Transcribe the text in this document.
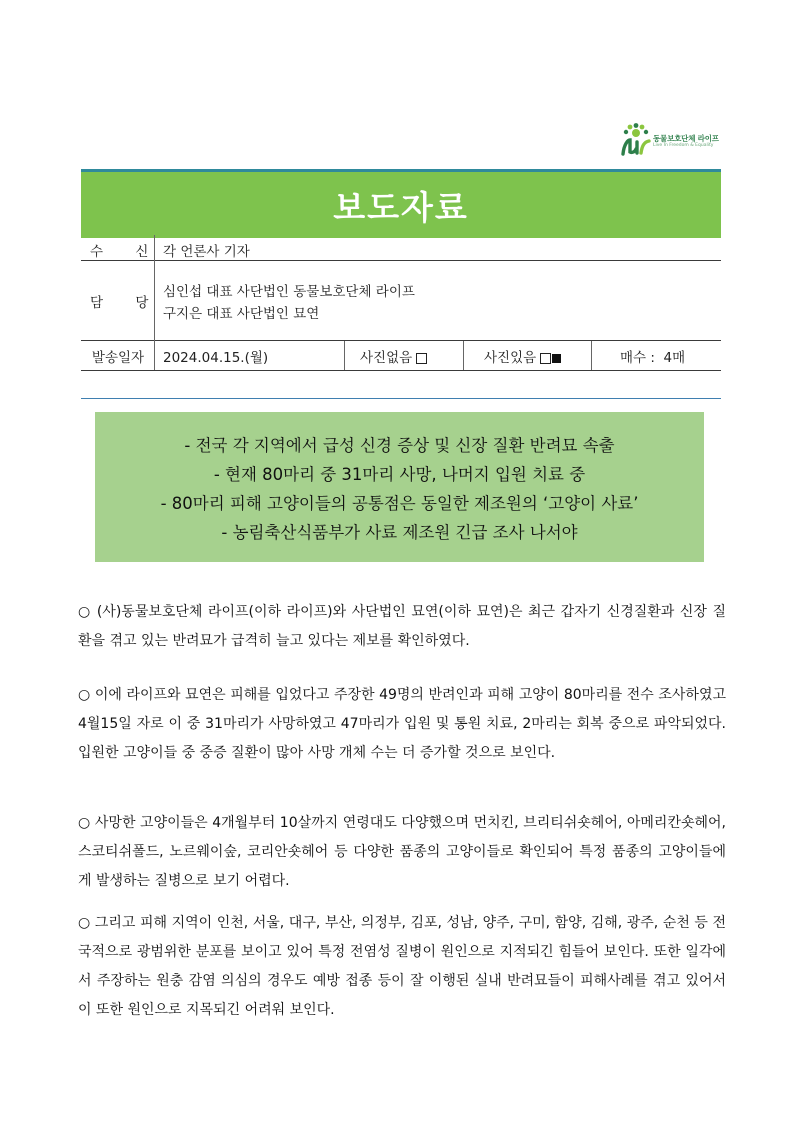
동물보호단체 라이프
Live In Freedom & Equality
보도자료
수 신 각 언론사 기자
담 당
심인섭 대표 사단법인 동물보호단체 라이프
구지은 대표 사단법인 묘연
발송일자	2024.04.15.(월)	사진없음	사진있음	매수 : 4매
- 전국 각 지역에서 급성 신경 증상 및 신장 질환 반려묘 속출
- 현재 80마리 중 31마리 사망, 나머지 입원 치료 중
- 80마리 피해 고양이들의 공통점은 동일한 제조원의 ‘고양이 사료’
- 농림축산식품부가 사료 제조원 긴급 조사 나서야
○ (사)동물보호단체 라이프(이하 라이프)와 사단법인 묘연(이하 묘연)은 최근 갑자기 신경질환과 신장 질환을 겪고 있는 반려묘가 급격히 늘고 있다는 제보를 확인하였다.
○ 이에 라이프와 묘연은 피해를 입었다고 주장한 49명의 반려인과 피해 고양이 80마리를 전수 조사하였고 4월15일 자로 이 중 31마리가 사망하였고 47마리가 입원 및 통원 치료, 2마리는 회복 중으로 파악되었다. 입원한 고양이들 중 중증 질환이 많아 사망 개체 수는 더 증가할 것으로 보인다.
○ 사망한 고양이들은 4개월부터 10살까지 연령대도 다양했으며 먼치킨, 브리티쉬숏헤어, 아메리칸숏헤어, 스코티쉬폴드, 노르웨이숲, 코리안숏헤어 등 다양한 품종의 고양이들로 확인되어 특정 품종의 고양이들에게 발생하는 질병으로 보기 어렵다.
○ 그리고 피해 지역이 인천, 서울, 대구, 부산, 의정부, 김포, 성남, 양주, 구미, 함양, 김해, 광주, 순천 등 전국적으로 광범위한 분포를 보이고 있어 특정 전염성 질병이 원인으로 지적되긴 힘들어 보인다. 또한 일각에서 주장하는 원충 감염 의심의 경우도 예방 접종 등이 잘 이행된 실내 반려묘들이 피해사례를 겪고 있어서 이 또한 원인으로 지목되긴 어려워 보인다.
